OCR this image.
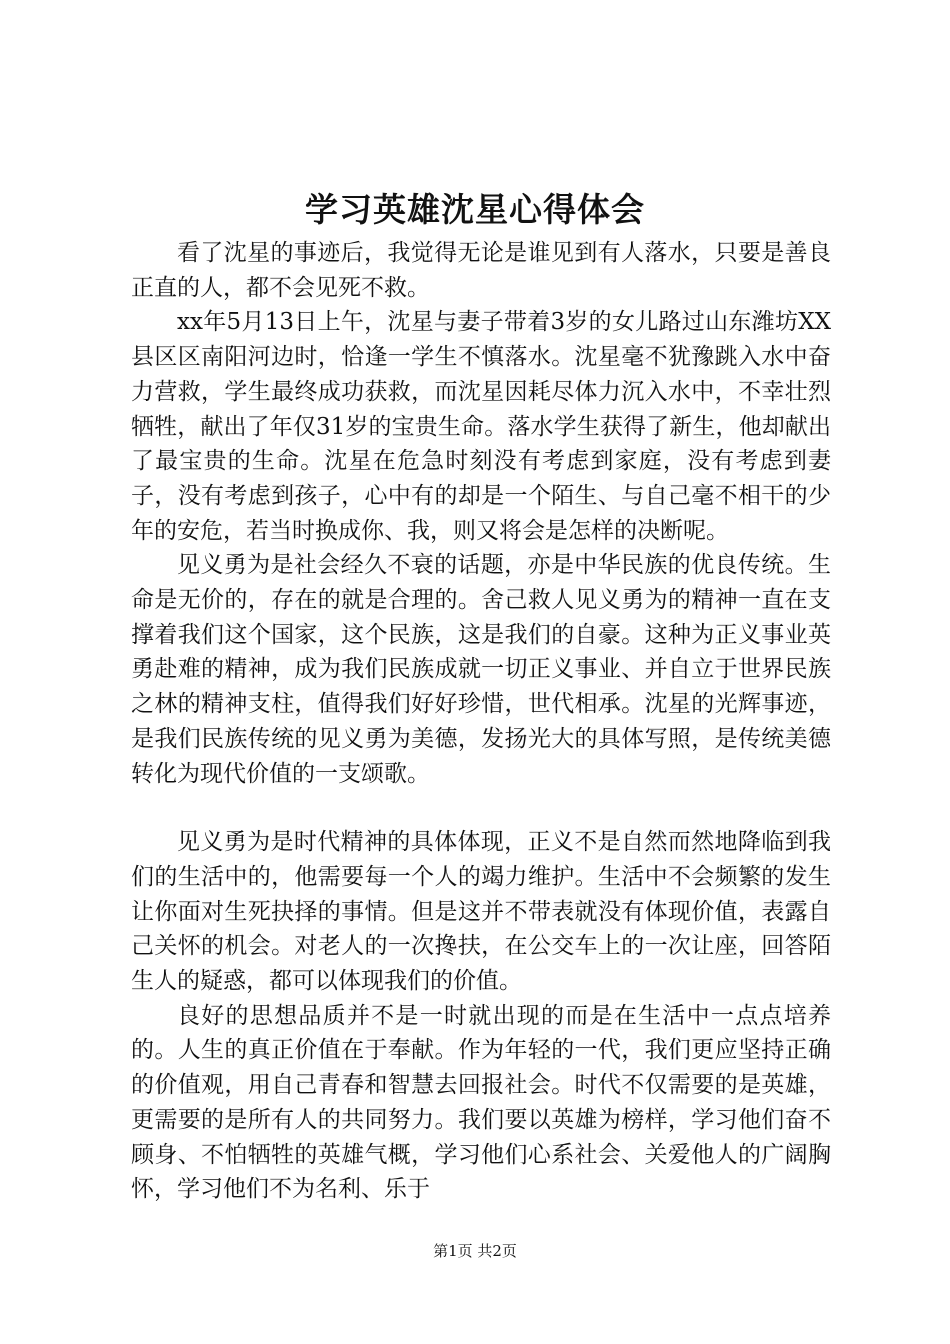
学习英雄沈星心得体会

看了沈星的事迹后，我觉得无论是谁见到有人落水，只要是善良正直的人，都不会见死不救。

xx年5月13日上午，沈星与妻子带着3岁的女儿路过山东潍坊XX县区区南阳河边时，恰逢一学生不慎落水。沈星毫不犹豫跳入水中奋力营救，学生最终成功获救，而沈星因耗尽体力沉入水中，不幸壮烈牺牲，献出了年仅31岁的宝贵生命。落水学生获得了新生，他却献出了最宝贵的生命。沈星在危急时刻没有考虑到家庭，没有考虑到妻子，没有考虑到孩子，心中有的却是一个陌生、与自己毫不相干的少年的安危，若当时换成你、我，则又将会是怎样的决断呢。

见义勇为是社会经久不衰的话题，亦是中华民族的优良传统。生命是无价的，存在的就是合理的。舍己救人见义勇为的精神一直在支撑着我们这个国家，这个民族，这是我们的自豪。这种为正义事业英勇赴难的精神，成为我们民族成就一切正义事业、并自立于世界民族之林的精神支柱，值得我们好好珍惜，世代相承。沈星的光辉事迹，是我们民族传统的见义勇为美德，发扬光大的具体写照，是传统美德转化为现代价值的一支颂歌。

见义勇为是时代精神的具体体现，正义不是自然而然地降临到我们的生活中的，他需要每一个人的竭力维护。生活中不会频繁的发生让你面对生死抉择的事情。但是这并不带表就没有体现价值，表露自己关怀的机会。对老人的一次搀扶，在公交车上的一次让座，回答陌生人的疑惑，都可以体现我们的价值。

良好的思想品质并不是一时就出现的而是在生活中一点点培养的。人生的真正价值在于奉献。作为年轻的一代，我们更应坚持正确的价值观，用自己青春和智慧去回报社会。时代不仅需要的是英雄，更需要的是所有人的共同努力。我们要以英雄为榜样，学习他们奋不顾身、不怕牺牲的英雄气概，学习他们心系社会、关爱他人的广阔胸怀，学习他们不为名利、乐于

第1页 共2页
